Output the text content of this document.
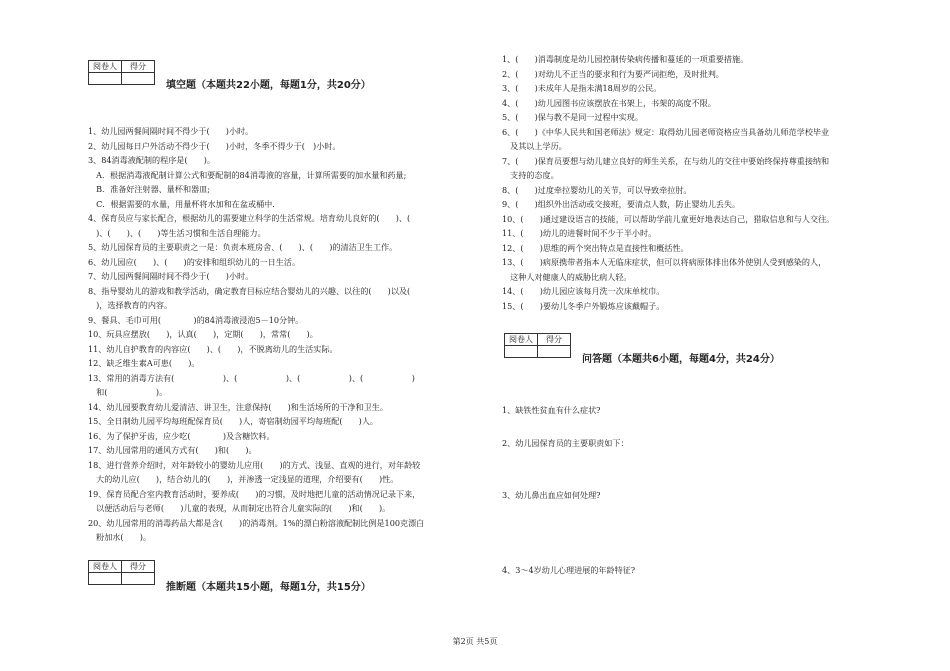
阅卷人	得分

填空题（本题共22小题，每题1分，共20分）
1、幼儿园两餐间隔时间不得少于(　　)小时。
2、幼儿园每日户外活动不得少于(　　)小时，冬季不得少于(　)小时。
3、84消毒液配制的程序是(　　)。
　A．根据消毒液配制计算公式和要配制的84消毒液的容量，计算所需要的加水量和药量;
　B．准备好注射器、量杯和器皿;
　C．根据需要的水量，用量杯将水加和在盆或桶中.
4、保育员应与家长配合，根据幼儿的需要建立科学的生活常规。培育幼儿良好的(　　)、(　　
　)、(　　)、(　　)等生活习惯和生活自理能力。
5、幼儿园保育员的主要职责之一是：负责本班房舍、(　　)、(　　)的清洁卫生工作。
6、幼儿园应(　　)、(　　)的安排和组织幼儿的一日生活。
7、幼儿园两餐间隔时间不得少于(　　)小时。
8、指导婴幼儿的游戏和教学活动，确定教育目标应结合婴幼儿的兴趣、以往的(　　)以及(　　
　)，选择教育的内容。
9、餐具、毛巾可用(　　　　)的84消毒液浸泡5－10分钟。
10、玩具应摆放(　　)，认真(　　)，定期(　　)，常常(　　)。
11、幼儿自护教育的内容应(　　)、(　　)，不脱离幼儿的生活实际。
12、缺乏维生素A可患(　　)。
13、常用的消毒方法有(　　　　　　)、(　　　　　　)、(　　　　　　)、(　　　　　　)
　和(　　　　　　)。
14、幼儿园要教育幼儿爱清洁、讲卫生，注意保持(　　)和生活场所的干净和卫生。
15、全日制幼儿园平均每班配保育员(　　)人，寄宿制幼园平均每班配(　　)人。
16、为了保护牙齿，应少吃(　　　　)及含糖饮料。
17、幼儿园常用的通风方式有(　　)和(　　)。
18、进行营养介绍时，对年龄较小的婴幼儿应用(　　)的方式、浅显、直观的进行，对年龄较
　大的幼儿应(　　)，结合幼儿的(　　)，并渗透一定浅显的道理，介绍要有(　　)性。
19、保育员配合室内教育活动时，要养成(　　)的习惯，及时地把儿童的活动情况记录下来，
　以便活动后与老师(　　)儿童的表现，从而制定出符合儿童实际的(　　)和(　　)。
20、幼儿园常用的消毒药品大都是含(　　)的消毒剂。1%的漂白粉溶液配制比例是100克漂白
　粉加水(　　)。
阅卷人	得分

推断题（本题共15小题，每题1分，共15分）
1、(　　)消毒制度是幼儿园控制传染病传播和蔓延的一项重要措施。
2、(　　)对幼儿不正当的要求和行为要严词拒绝，及时批判。
3、(　　)未成年人是指未满18周岁的公民。
4、(　　)幼儿园图书应该摆放在书架上，书架的高度不限。
5、(　　)保与教不是同一过程中实现。
6、(　　)《中华人民共和国老师法》规定：取得幼儿园老师资格应当具备幼儿师范学校毕业
　及其以上学历。
7、(　　)保育员要想与幼儿建立良好的师生关系，在与幼儿的交往中要始终保持尊重接纳和
　支持的态度。
8、(　　)过度牵拉婴幼儿的关节，可以导致牵拉肘。
9、(　　)组织外出活动或交接班，要清点人数，防止婴幼儿丢失。
10、(　　)通过建设语言的技能，可以帮助学前儿童更好地表达自己，猎取信息和与人交往。
11、(　　)幼儿的进餐时间不少于半小时。
12、(　　)思维的两个突出特点是直接性和概括性。
13、(　　)病原携带者指本人无临床症状，但可以将病原体排出体外使别人受到感染的人，
　这种人对健康人的威胁比病人轻。
14、(　　)幼儿园应该每月洗一次床单枕巾。
15、(　　)要幼儿冬季户外锻炼应该戴帽子。
阅卷人	得分

问答题（本题共6小题，每题4分，共24分）
1、缺铁性贫血有什么症状?
2、幼儿园保育员的主要职责如下：
3、幼儿鼻出血应如何处理?
4、3～4岁幼儿心理进展的年龄特征?
第2页 共5页
